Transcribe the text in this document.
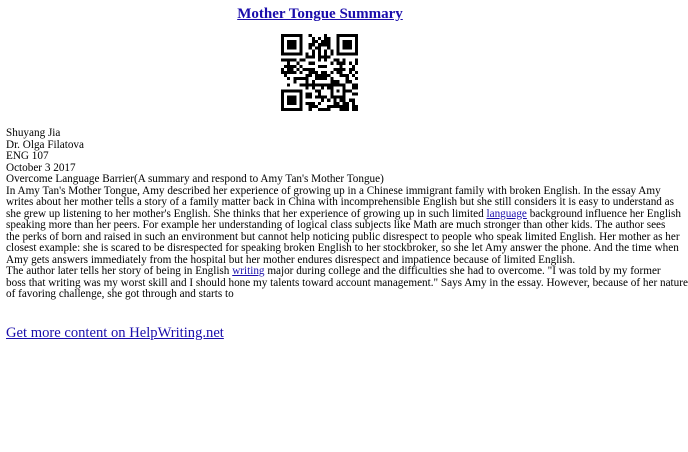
Mother Tongue Summary
Shuyang Jia
Dr. Olga Filatova
ENG 107
October 3 2017
Overcome Language Barrier(A summary and respond to Amy Tan's Mother Tongue)
In Amy Tan's Mother Tongue, Amy described her experience of growing up in a Chinese immigrant family with broken English. In the essay Amy
writes about her mother tells a story of a family matter back in China with incomprehensible English but she still considers it is easy to understand as
she grew up listening to her mother's English. She thinks that her experience of growing up in such limited language background influence her English
speaking more than her peers. For example her understanding of logical class subjects like Math are much stronger than other kids. The author sees
the perks of born and raised in such an environment but cannot help noticing public disrespect to people who speak limited English. Her mother as her
closest example: she is scared to be disrespected for speaking broken English to her stockbroker, so she let Amy answer the phone. And the time when
Amy gets answers immediately from the hospital but her mother endures disrespect and impatience because of limited English.
The author later tells her story of being in English writing major during college and the difficulties she had to overcome. "I was told by my former
boss that writing was my worst skill and I should hone my talents toward account management." Says Amy in the essay. However, because of her nature
of favoring challenge, she got through and starts to
Get more content on HelpWriting.net
